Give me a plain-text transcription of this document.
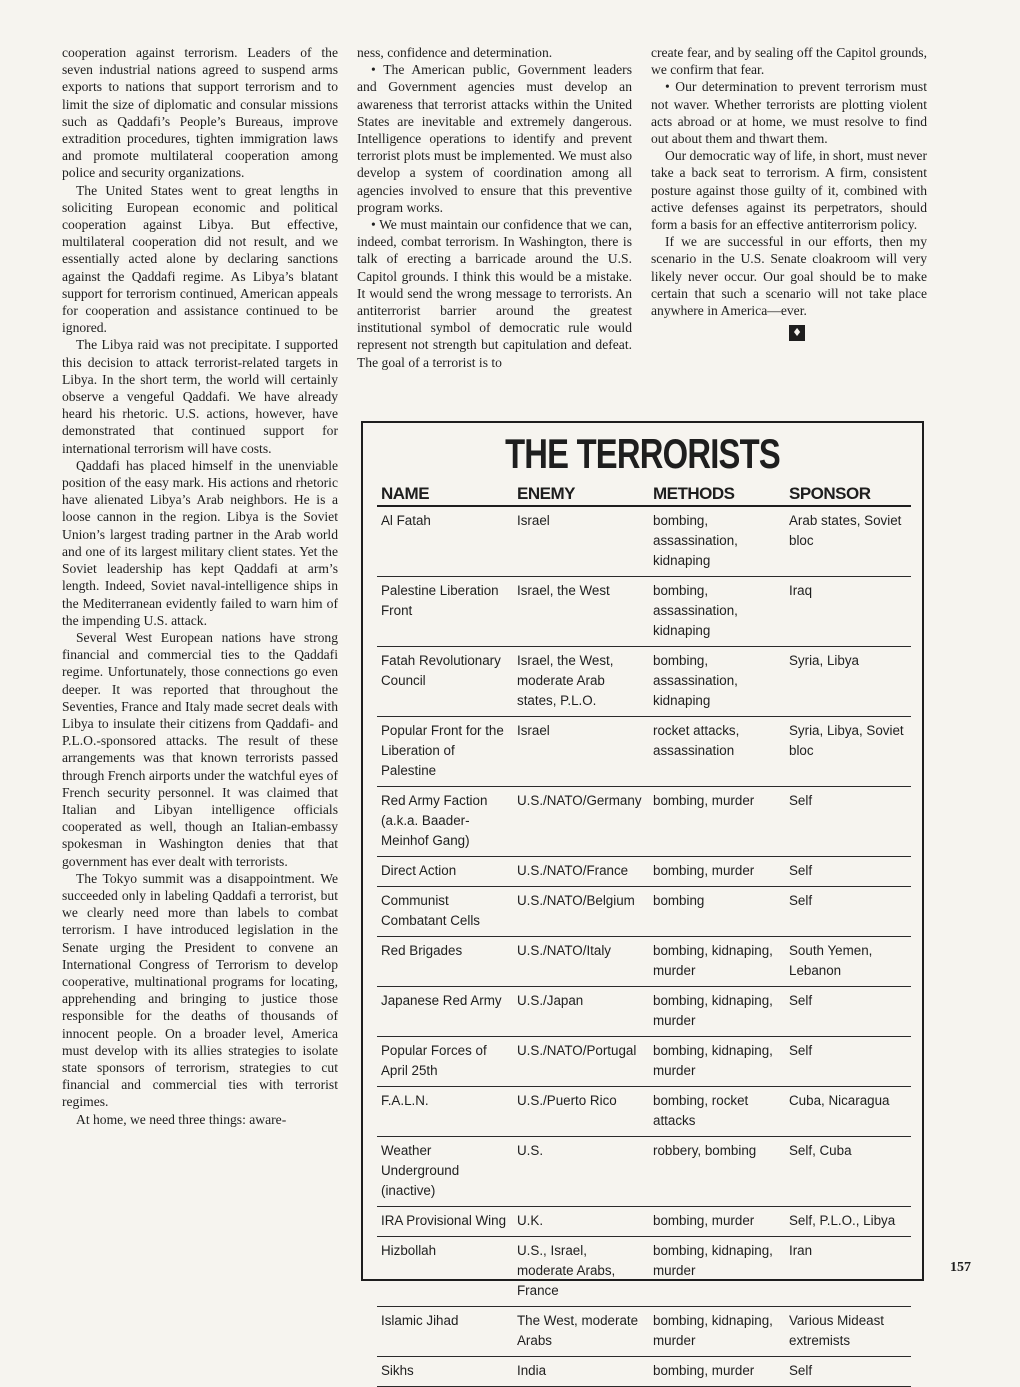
cooperation against terrorism. Leaders of the seven industrial nations agreed to suspend arms exports to nations that support terrorism and to limit the size of diplomatic and consular missions such as Qaddafi’s People’s Bureaus, improve extradition procedures, tighten immigration laws and promote multilateral cooperation among police and security organizations.

The United States went to great lengths in soliciting European economic and political cooperation against Libya. But effective, multilateral cooperation did not result, and we essentially acted alone by declaring sanctions against the Qaddafi regime. As Libya’s blatant support for terrorism continued, American appeals for cooperation and assistance continued to be ignored.

The Libya raid was not precipitate. I supported this decision to attack terrorist-related targets in Libya. In the short term, the world will certainly observe a vengeful Qaddafi. We have already heard his rhetoric. U.S. actions, however, have demonstrated that continued support for international terrorism will have costs.

Qaddafi has placed himself in the unenviable position of the easy mark. His actions and rhetoric have alienated Libya’s Arab neighbors. He is a loose cannon in the region. Libya is the Soviet Union’s largest trading partner in the Arab world and one of its largest military client states. Yet the Soviet leadership has kept Qaddafi at arm’s length. Indeed, Soviet naval-intelligence ships in the Mediterranean evidently failed to warn him of the impending U.S. attack.

Several West European nations have strong financial and commercial ties to the Qaddafi regime. Unfortunately, those connections go even deeper. It was reported that throughout the Seventies, France and Italy made secret deals with Libya to insulate their citizens from Qaddafi- and P.L.O.-sponsored attacks. The result of these arrangements was that known terrorists passed through French airports under the watchful eyes of French security personnel. It was claimed that Italian and Libyan intelligence officials cooperated as well, though an Italian-embassy spokesman in Washington denies that that government has ever dealt with terrorists.

The Tokyo summit was a disappointment. We succeeded only in labeling Qaddafi a terrorist, but we clearly need more than labels to combat terrorism. I have introduced legislation in the Senate urging the President to convene an International Congress of Terrorism to develop cooperative, multinational programs for locating, apprehending and bringing to justice those responsible for the deaths of thousands of innocent people. On a broader level, America must develop with its allies strategies to isolate state sponsors of terrorism, strategies to cut financial and commercial ties with terrorist regimes.

At home, we need three things: aware-

ness, confidence and determination.

• The American public, Government leaders and Government agencies must develop an awareness that terrorist attacks within the United States are inevitable and extremely dangerous. Intelligence operations to identify and prevent terrorist plots must be implemented. We must also develop a system of coordination among all agencies involved to ensure that this preventive program works.

• We must maintain our confidence that we can, indeed, combat terrorism. In Washington, there is talk of erecting a barricade around the U.S. Capitol grounds. I think this would be a mistake. It would send the wrong message to terrorists. An antiterrorist barrier around the greatest institutional symbol of democratic rule would represent not strength but capitulation and defeat. The goal of a terrorist is to

create fear, and by sealing off the Capitol grounds, we confirm that fear.

• Our determination to prevent terrorism must not waver. Whether terrorists are plotting violent acts abroad or at home, we must resolve to find out about them and thwart them.

Our democratic way of life, in short, must never take a back seat to terrorism. A firm, consistent posture against those guilty of it, combined with active defenses against its perpetrators, should form a basis for an effective antiterrorism policy.

If we are successful in our efforts, then my scenario in the U.S. Senate cloakroom will very likely never occur. Our goal should be to make certain that such a scenario will not take place anywhere in America—ever.

♦
THE TERRORISTS
NAME	ENEMY	METHODS	SPONSOR
Al Fatah	Israel	bombing, assassination, kidnaping	Arab states, Soviet bloc
Palestine Liberation Front	Israel, the West	bombing, assassination, kidnaping	Iraq
Fatah Revolutionary Council	Israel, the West, moderate Arab states, P.L.O.	bombing, assassination, kidnaping	Syria, Libya
Popular Front for the Liberation of Palestine	Israel	rocket attacks, assassination	Syria, Libya, Soviet bloc
Red Army Faction (a.k.a. Baader-Meinhof Gang)	U.S./NATO/Germany	bombing, murder	Self
Direct Action	U.S./NATO/France	bombing, murder	Self
Communist Combatant Cells	U.S./NATO/Belgium	bombing	Self
Red Brigades	U.S./NATO/Italy	bombing, kidnaping, murder	South Yemen, Lebanon
Japanese Red Army	U.S./Japan	bombing, kidnaping, murder	Self
Popular Forces of April 25th	U.S./NATO/Portugal	bombing, kidnaping, murder	Self
F.A.L.N.	U.S./Puerto Rico	bombing, rocket attacks	Cuba, Nicaragua
Weather Underground (inactive)	U.S.	robbery, bombing	Self, Cuba
IRA Provisional Wing	U.K.	bombing, murder	Self, P.L.O., Libya
Hizbollah	U.S., Israel, moderate Arabs, France	bombing, kidnaping, murder	Iran
Islamic Jihad	The West, moderate Arabs	bombing, kidnaping, murder	Various Mideast extremists
Sikhs	India	bombing, murder	Self
157
